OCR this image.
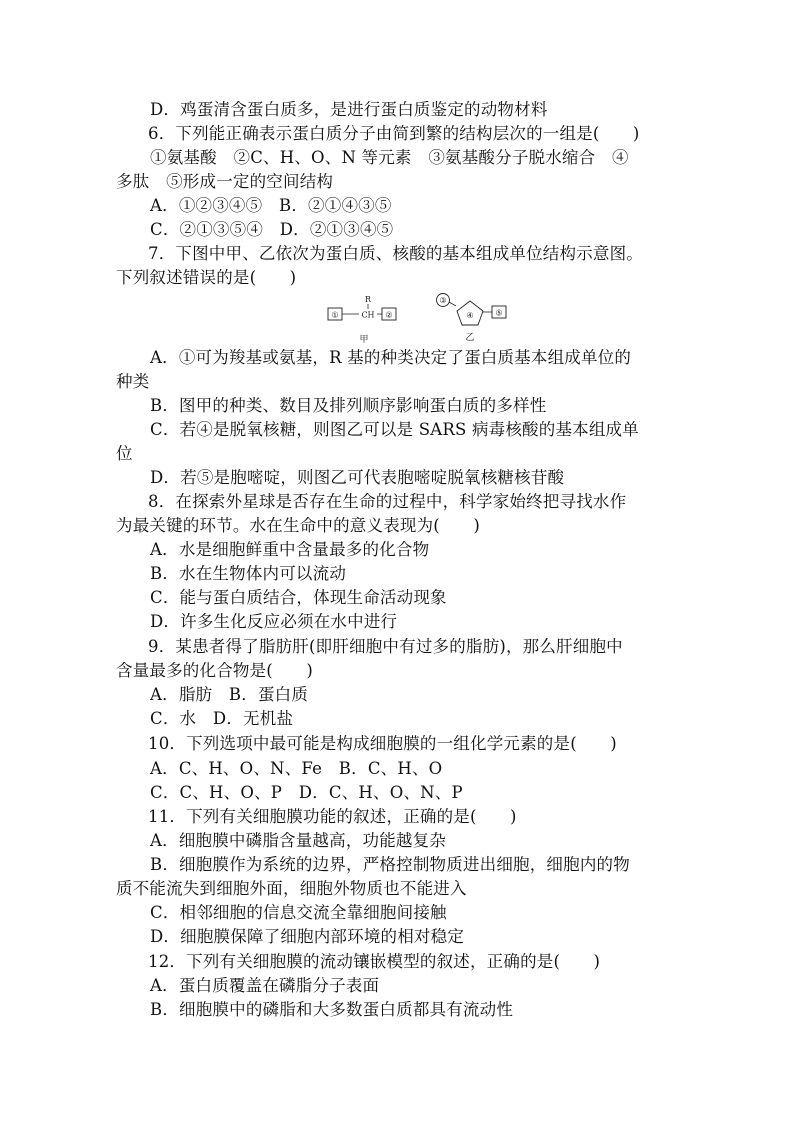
D．鸡蛋清含蛋白质多，是进行蛋白质鉴定的动物材料
6．下列能正确表示蛋白质分子由简到繁的结构层次的一组是(　　)
①氨基酸　②C、H、O、N 等元素　③氨基酸分子脱水缩合　④
多肽　⑤形成一定的空间结构
A．①②③④⑤　B．②①④③⑤
C．②①③⑤④　D．②①③④⑤
7．下图中甲、乙依次为蛋白质、核酸的基本组成单位结构示意图。
下列叙述错误的是(　　)
R
①	CH ②
甲
③
④	⑤
乙
A．①可为羧基或氨基，R 基的种类决定了蛋白质基本组成单位的
种类
B．图甲的种类、数目及排列顺序影响蛋白质的多样性
C．若④是脱氧核糖，则图乙可以是 SARS 病毒核酸的基本组成单
位
D．若⑤是胞嘧啶，则图乙可代表胞嘧啶脱氧核糖核苷酸
8．在探索外星球是否存在生命的过程中，科学家始终把寻找水作
为最关键的环节。水在生命中的意义表现为(　　)
A．水是细胞鲜重中含量最多的化合物
B．水在生物体内可以流动
C．能与蛋白质结合，体现生命活动现象
D．许多生化反应必须在水中进行
9．某患者得了脂肪肝(即肝细胞中有过多的脂肪)，那么肝细胞中
含量最多的化合物是(　　)
A．脂肪　B．蛋白质
C．水　D．无机盐
10．下列选项中最可能是构成细胞膜的一组化学元素的是(　　)
A．C、H、O、N、Fe　B．C、H、O
C．C、H、O、P　D．C、H、O、N、P
11．下列有关细胞膜功能的叙述，正确的是(　　)
A．细胞膜中磷脂含量越高，功能越复杂
B．细胞膜作为系统的边界，严格控制物质进出细胞，细胞内的物
质不能流失到细胞外面，细胞外物质也不能进入
C．相邻细胞的信息交流全靠细胞间接触
D．细胞膜保障了细胞内部环境的相对稳定
12．下列有关细胞膜的流动镶嵌模型的叙述，正确的是(　　)
A．蛋白质覆盖在磷脂分子表面
B．细胞膜中的磷脂和大多数蛋白质都具有流动性
